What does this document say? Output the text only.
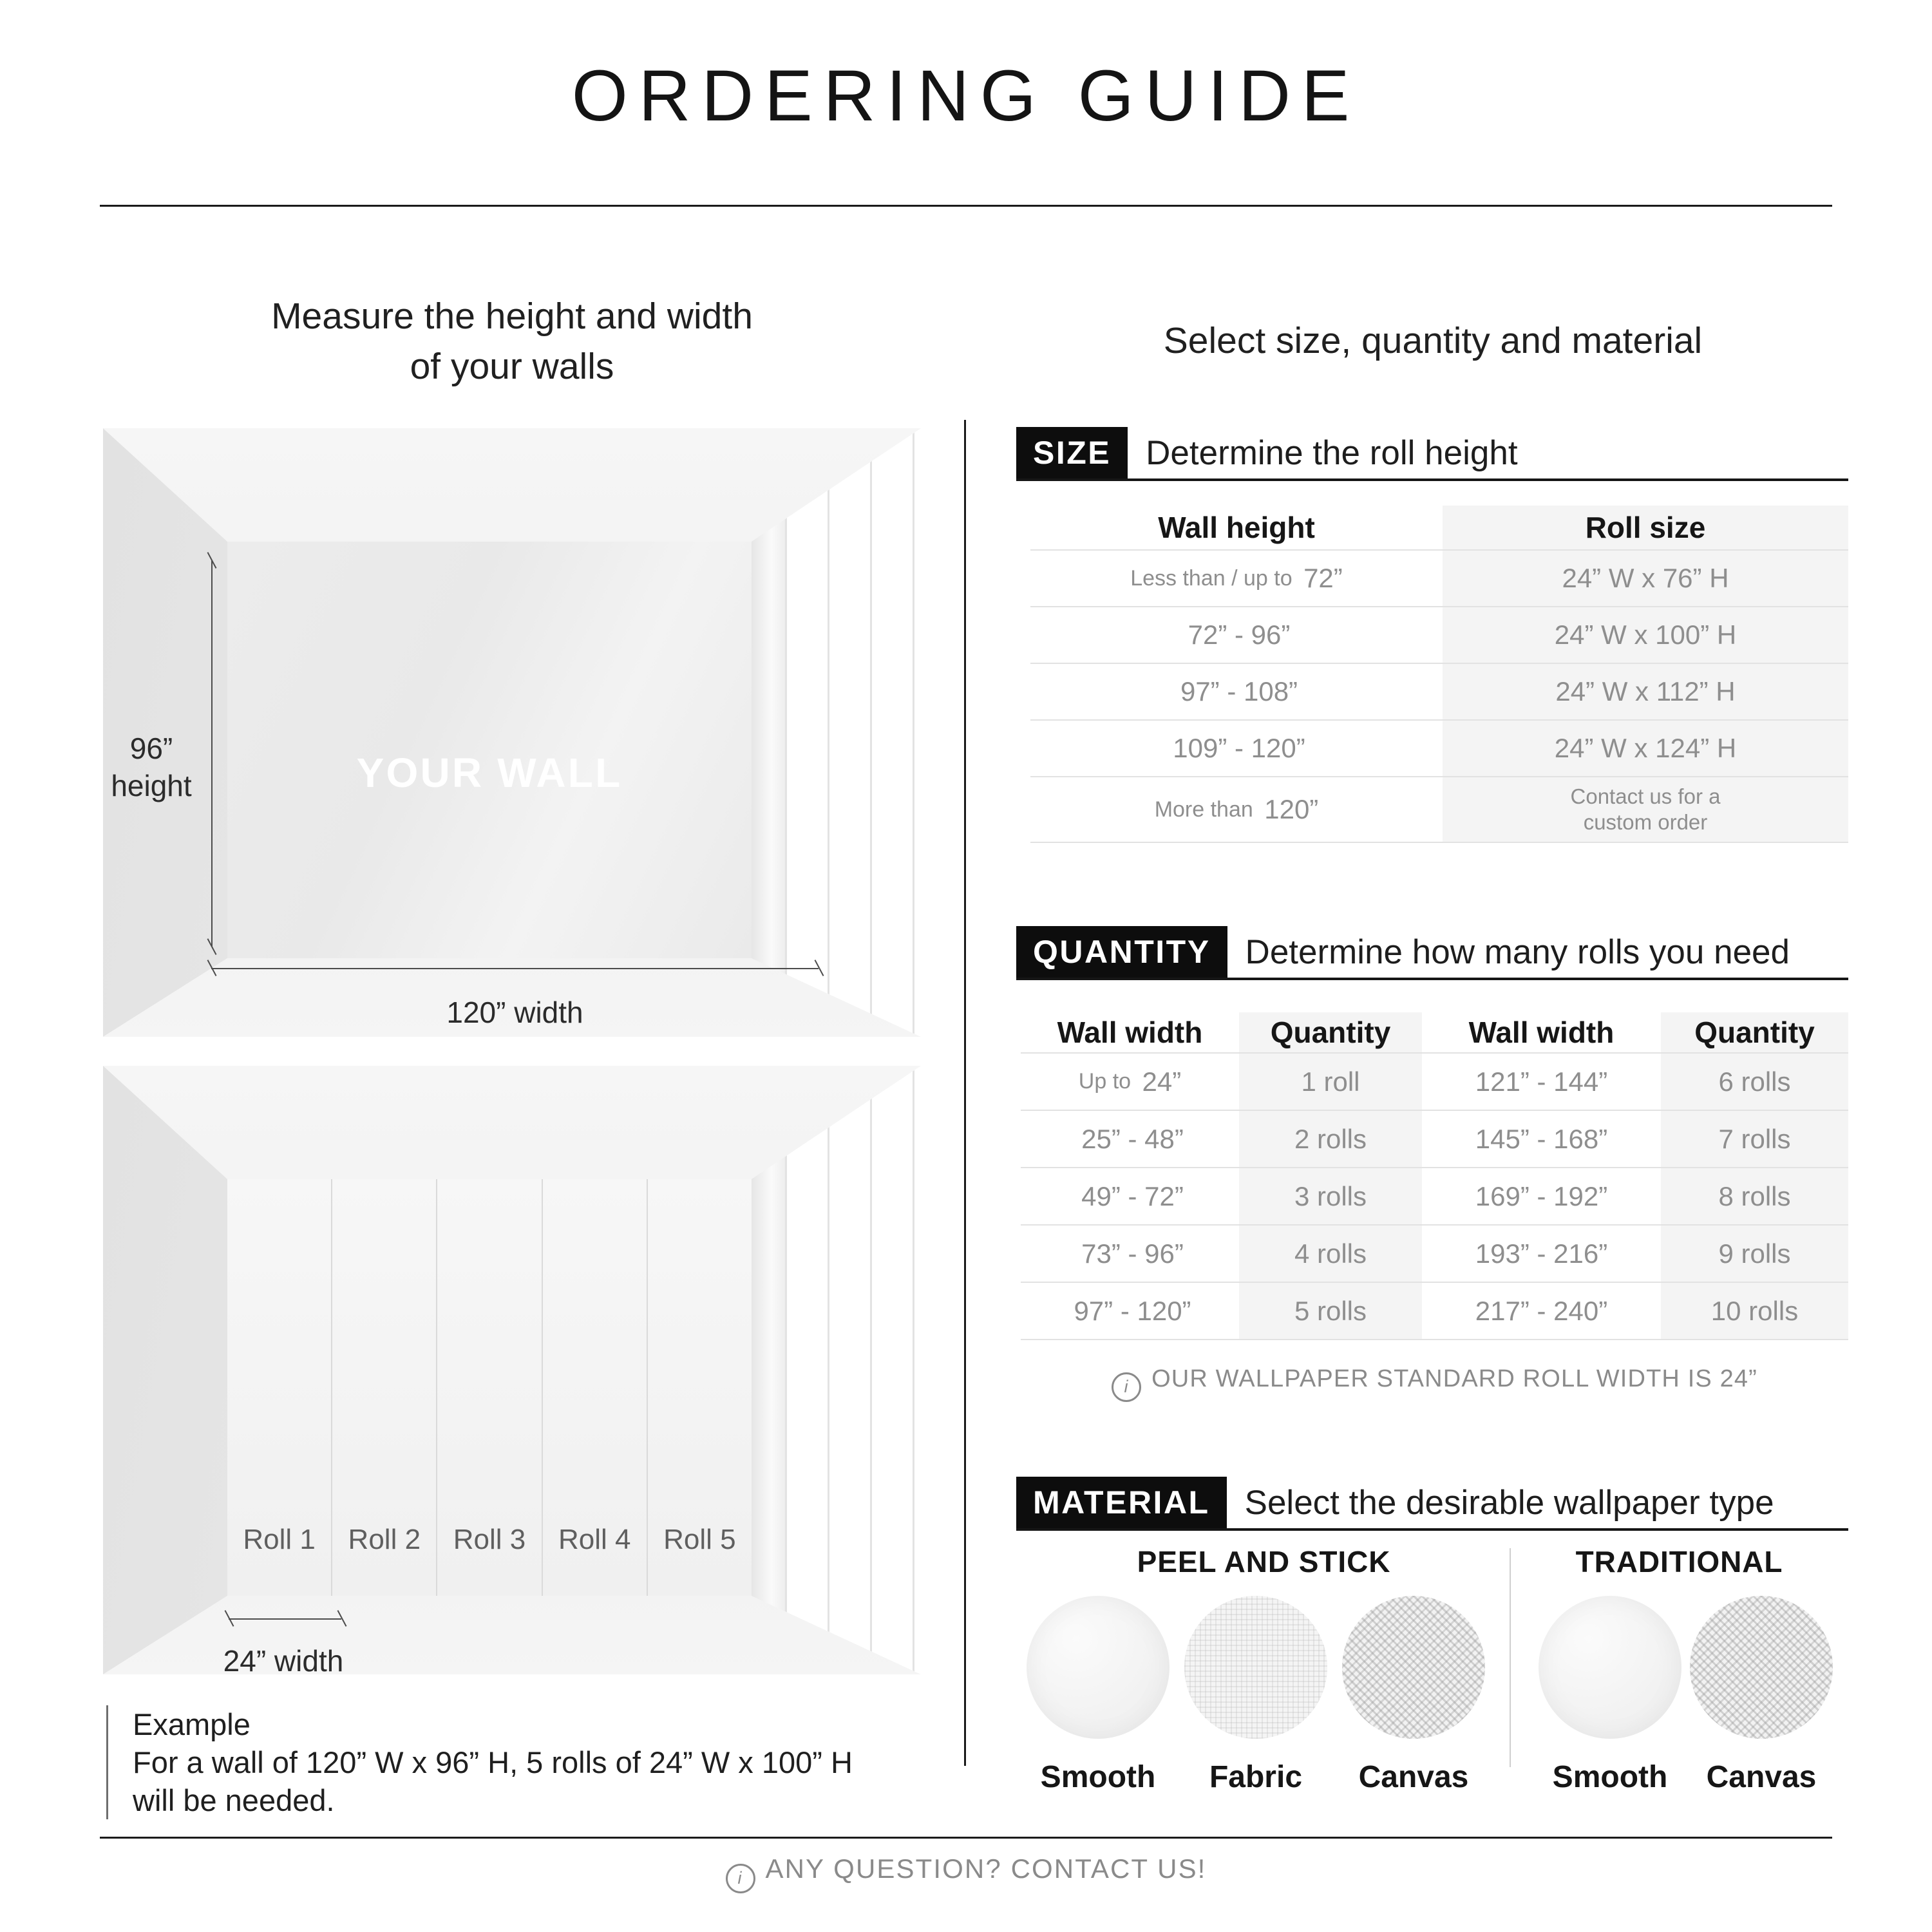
ORDERING GUIDE
Measure the height and width
of your walls
Select size, quantity and material
YOUR WALL
96”
height
120” width
Roll 1	Roll 2	Roll 3	Roll 4	Roll 5
24” width
Example
For a wall of 120” W x 96” H, 5 rolls of 24” W x 100” H
will be needed.
SIZE	Determine the roll height
Wall height	Roll size
Less than / up to 72”	24” W x 76” H
72” - 96”	24” W x 100” H
97” - 108”	24” W x 112” H
109” - 120”	24” W x 124” H
More than 120”	Contact us for a custom order
QUANTITY	Determine how many rolls you need
Wall width	Quantity	Wall width	Quantity
Up to 24”	1 roll	121” - 144”	6 rolls
25” - 48”	2 rolls	145” - 168”	7 rolls
49” - 72”	3 rolls	169” - 192”	8 rolls
73” - 96”	4 rolls	193” - 216”	9 rolls
97” - 120”	5 rolls	217” - 240”	10 rolls
i OUR WALLPAPER STANDARD ROLL WIDTH IS 24”
MATERIAL	Select the desirable wallpaper type
PEEL AND STICK	TRADITIONAL
Smooth	Fabric	Canvas	Smooth	Canvas
i ANY QUESTION? CONTACT US!
